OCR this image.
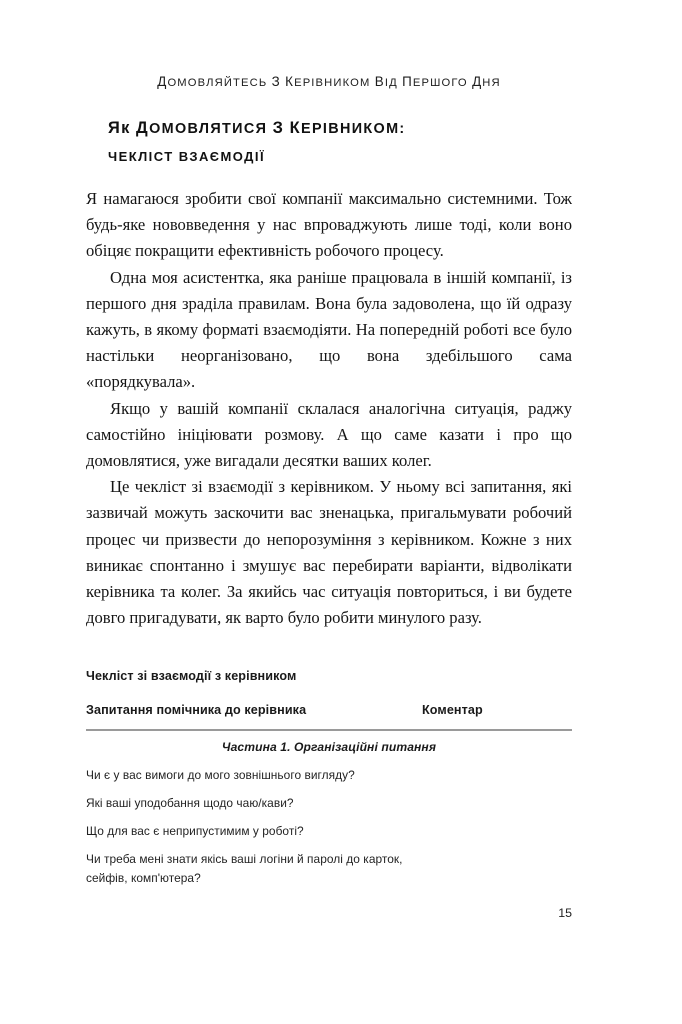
ДОМОВЛЯЙТЕСЬ З КЕРІВНИКОМ ВІД ПЕРШОГО ДНЯ
Як ДОМОВЛЯТИСЯ З КЕРІВНИКОМ:
ЧЕКЛІСТ ВЗАЄМОДІЇ

Я намагаюся зробити свої компанії максимально системними. Тож будь-яке нововведення у нас впроваджують лише тоді, коли воно обіцяє покращити ефективність робочого процесу.

Одна моя асистентка, яка раніше працювала в іншій компанії, із першого дня зраділа правилам. Вона була задоволена, що їй одразу кажуть, в якому форматі взаємодіяти. На попередній роботі все було настільки неорганізовано, що вона здебільшого сама «порядкувала».

Якщо у вашій компанії склалася аналогічна ситуація, раджу самостійно ініціювати розмову. А що саме казати і про що домовлятися, уже вигадали десятки ваших колег.

Це чекліст зі взаємодії з керівником. У ньому всі запитання, які зазвичай можуть заскочити вас зненацька, пригальмувати робочий процес чи призвести до непорозуміння з керівником. Кожне з них виникає спонтанно і змушує вас перебирати варіанти, відволікати керівника та колег. За якийсь час ситуація повториться, і ви будете довго пригадувати, як варто було робити минулого разу.

Чекліст зі взаємодії з керівником
Запитання помічника до керівника	Коментар
Частина 1. Організаційні питання
Чи є у вас вимоги до мого зовнішнього вигляду?
Які ваші уподобання щодо чаю/кави?
Що для вас є неприпустимим у роботі?
Чи треба мені знати якісь ваші логіни й паролі до карток, сейфів, комп'ютера?
15
